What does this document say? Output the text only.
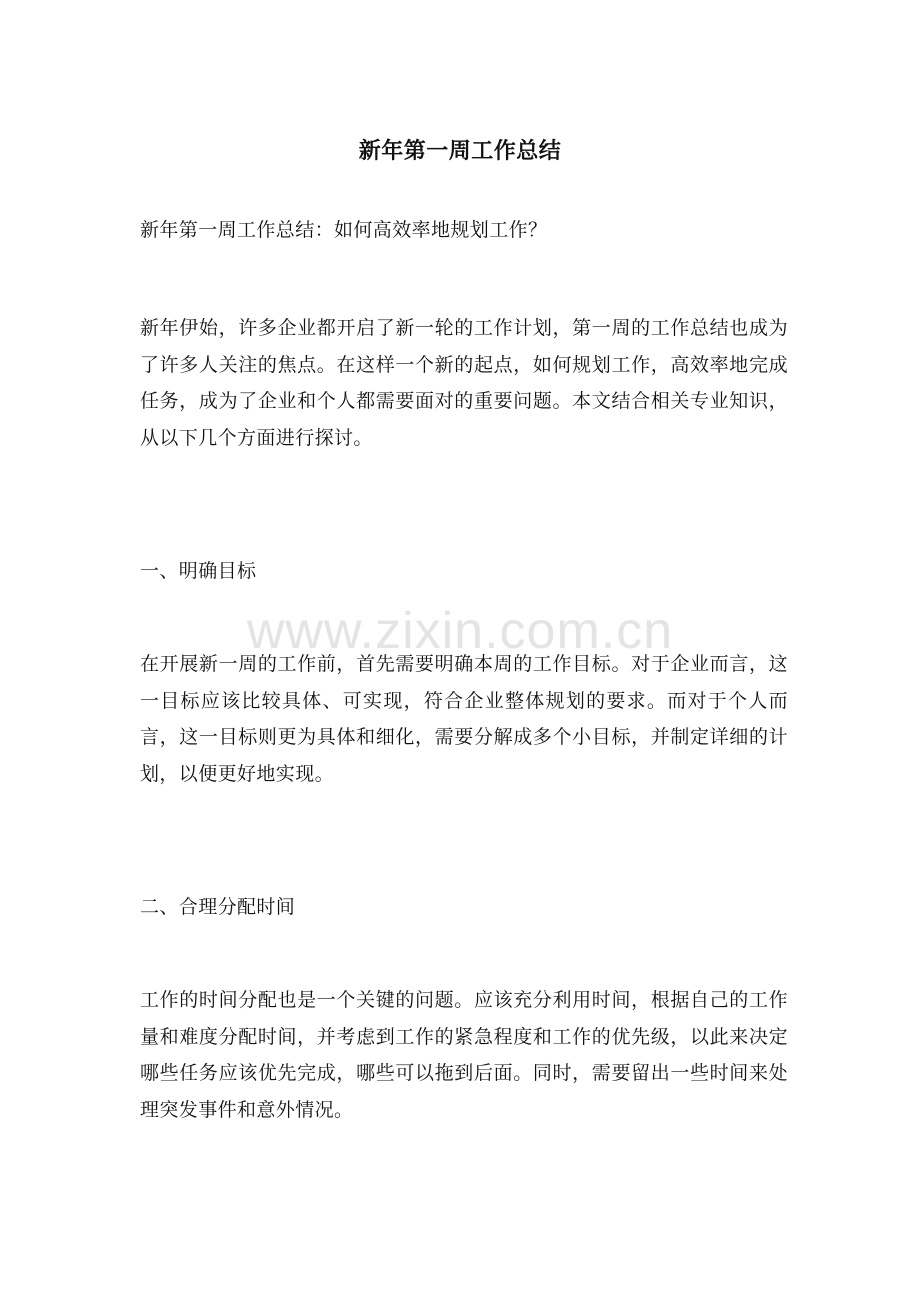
www.zixin.com.cn
新年第一周工作总结

新年第一周工作总结：如何高效率地规划工作？

新年伊始，许多企业都开启了新一轮的工作计划，第一周的工作总结也成为了许多人关注的焦点。在这样一个新的起点，如何规划工作，高效率地完成任务，成为了企业和个人都需要面对的重要问题。本文结合相关专业知识，从以下几个方面进行探讨。

一、明确目标

在开展新一周的工作前，首先需要明确本周的工作目标。对于企业而言，这一目标应该比较具体、可实现，符合企业整体规划的要求。而对于个人而言，这一目标则更为具体和细化，需要分解成多个小目标，并制定详细的计划，以便更好地实现。

二、合理分配时间

工作的时间分配也是一个关键的问题。应该充分利用时间，根据自己的工作量和难度分配时间，并考虑到工作的紧急程度和工作的优先级，以此来决定哪些任务应该优先完成，哪些可以拖到后面。同时，需要留出一些时间来处理突发事件和意外情况。
